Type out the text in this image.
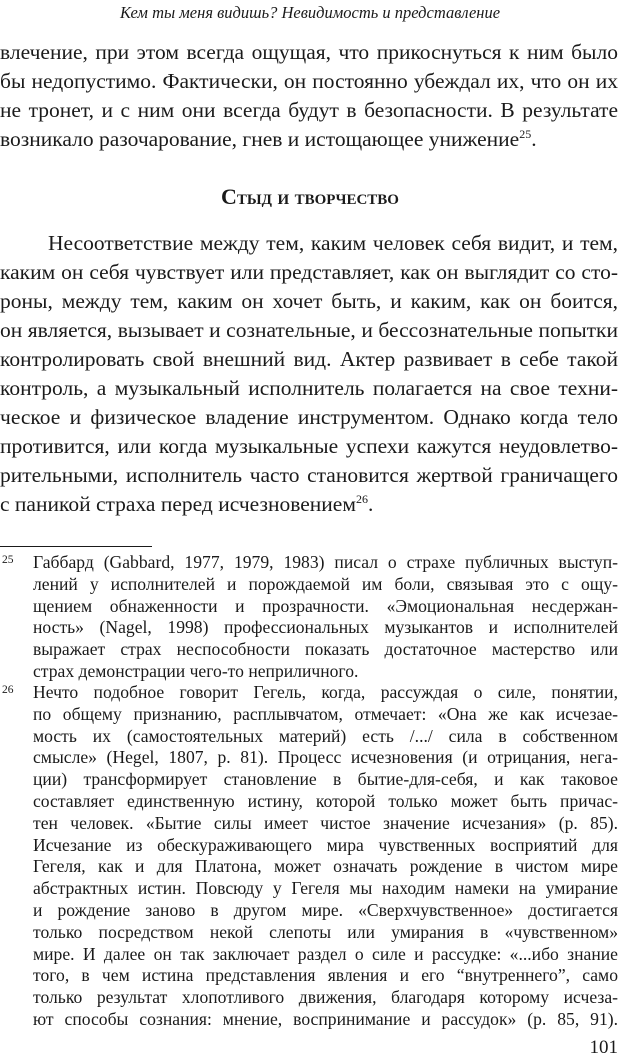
Кем ты меня видишь? Невидимость и представление
влечение, при этом всегда ощущая, что прикоснуться к ним было
бы недопустимо. Фактически, он постоянно убеждал их, что он их
не тронет, и с ним они всегда будут в безопасности. В результате
возникало разочарование, гнев и истощающее унижение$^{25}$.
Стыд и творчество
Несоответствие между тем, каким человек себя видит, и тем,
каким он себя чувствует или представляет, как он выглядит со сто-
роны, между тем, каким он хочет быть, и каким, как он боится,
он является, вызывает и сознательные, и бессознательные попытки
контролировать свой внешний вид. Актер развивает в себе такой
контроль, а музыкальный исполнитель полагается на свое техни-
ческое и физическое владение инструментом. Однако когда тело
противится, или когда музыкальные успехи кажутся неудовлетво-
рительными, исполнитель часто становится жертвой граничащего
с паникой страха перед исчезновением$^{26}$.
25 Габбард (Gabbard, 1977, 1979, 1983) писал о страхе публичных выступ-
лений у исполнителей и порождаемой им боли, связывая это с ощу-
щением обнаженности и прозрачности. «Эмоциональная несдержан-
ность» (Nagel, 1998) профессиональных музыкантов и исполнителей
выражает страх неспособности показать достаточное мастерство или
страх демонстрации чего-то неприличного.
26 Нечто подобное говорит Гегель, когда, рассуждая о силе, понятии,
по общему признанию, расплывчатом, отмечает: «Она же как исчезае-
мость их (самостоятельных материй) есть /.../ сила в собственном
смысле» (Hegel, 1807, p. 81). Процесс исчезновения (и отрицания, нега-
ции) трансформирует становление в бытие-для-себя, и как таковое
составляет единственную истину, которой только может быть причас-
тен человек. «Бытие силы имеет чистое значение исчезания» (p. 85).
Исчезание из обескураживающего мира чувственных восприятий для
Гегеля, как и для Платона, может означать рождение в чистом мире
абстрактных истин. Повсюду у Гегеля мы находим намеки на умирание
и рождение заново в другом мире. «Сверхчувственное» достигается
только посредством некой слепоты или умирания в «чувственном»
мире. И далее он так заключает раздел о силе и рассудке: «...ибо знание
того, в чем истина представления явления и его “внутреннего”, само
только результат хлопотливого движения, благодаря которому исчеза-
ют способы сознания: мнение, воспринимание и рассудок» (p. 85, 91).
101
